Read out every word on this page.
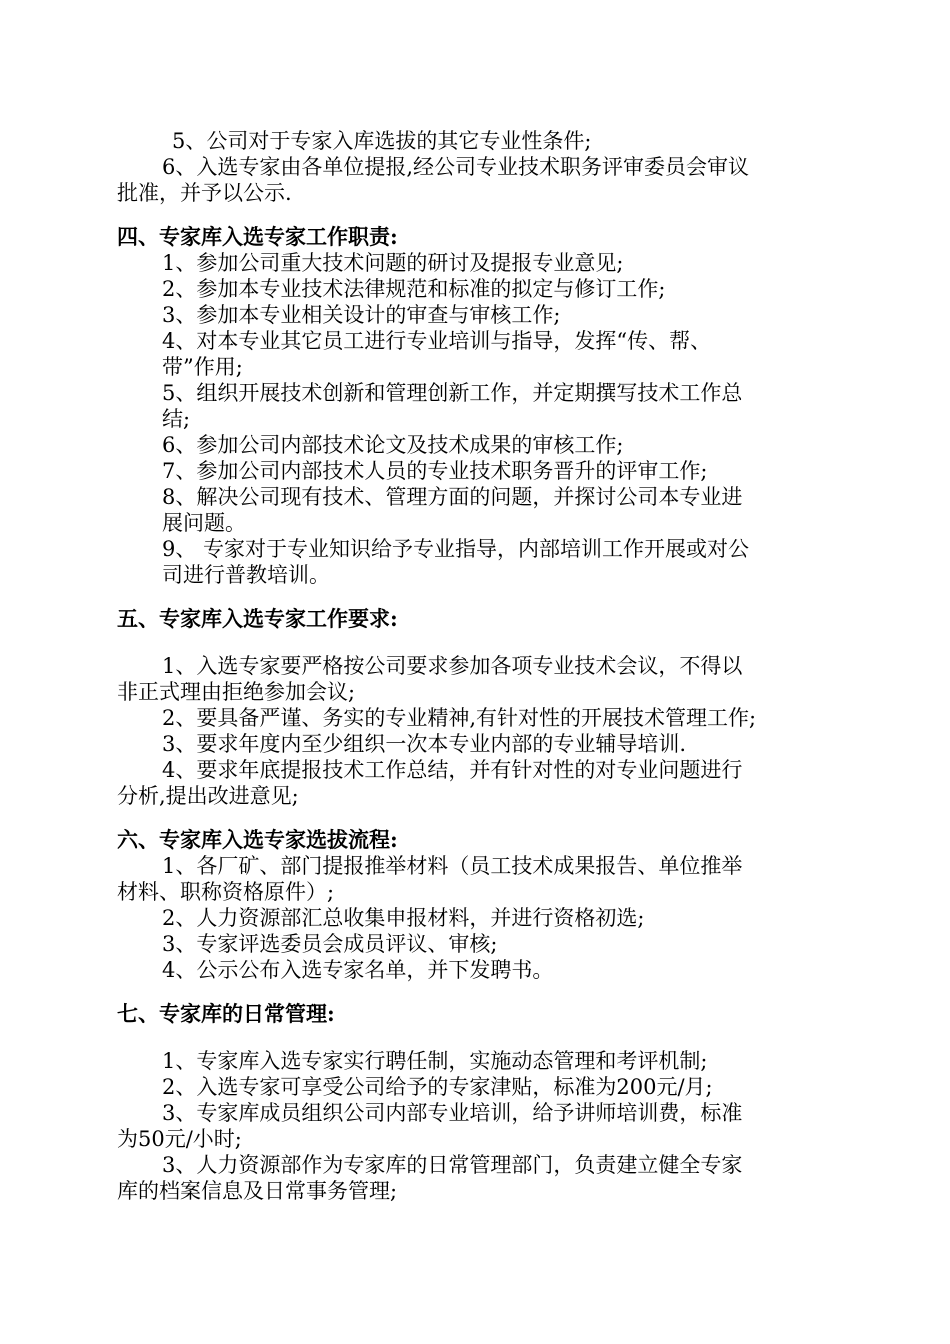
5、公司对于专家入库选拔的其它专业性条件;
6、入选专家由各单位提报,经公司专业技术职务评审委员会审议
批准，并予以公示.
四、专家库入选专家工作职责:
1、参加公司重大技术问题的研讨及提报专业意见;
2、参加本专业技术法律规范和标准的拟定与修订工作;
3、参加本专业相关设计的审查与审核工作;
4、对本专业其它员工进行专业培训与指导，发挥“传、帮、
带”作用;
5、组织开展技术创新和管理创新工作，并定期撰写技术工作总
结;
6、参加公司内部技术论文及技术成果的审核工作;
7、参加公司内部技术人员的专业技术职务晋升的评审工作;
8、解决公司现有技术、管理方面的问题，并探讨公司本专业进
展问题。
9、 专家对于专业知识给予专业指导，内部培训工作开展或对公
司进行普教培训。
五、专家库入选专家工作要求:
1、入选专家要严格按公司要求参加各项专业技术会议，不得以
非正式理由拒绝参加会议;
2、要具备严谨、务实的专业精神,有针对性的开展技术管理工作;
3、要求年度内至少组织一次本专业内部的专业辅导培训.
4、要求年底提报技术工作总结，并有针对性的对专业问题进行
分析,提出改进意见;
六、专家库入选专家选拔流程:
1、各厂矿、部门提报推举材料（员工技术成果报告、单位推举
材料、职称资格原件）;
2、人力资源部汇总收集申报材料，并进行资格初选;
3、专家评选委员会成员评议、审核;
4、公示公布入选专家名单，并下发聘书。
七、专家库的日常管理:
1、专家库入选专家实行聘任制，实施动态管理和考评机制;
2、入选专家可享受公司给予的专家津贴，标准为200元/月;
3、专家库成员组织公司内部专业培训，给予讲师培训费，标准
为50元/小时;
3、人力资源部作为专家库的日常管理部门，负责建立健全专家
库的档案信息及日常事务管理;
